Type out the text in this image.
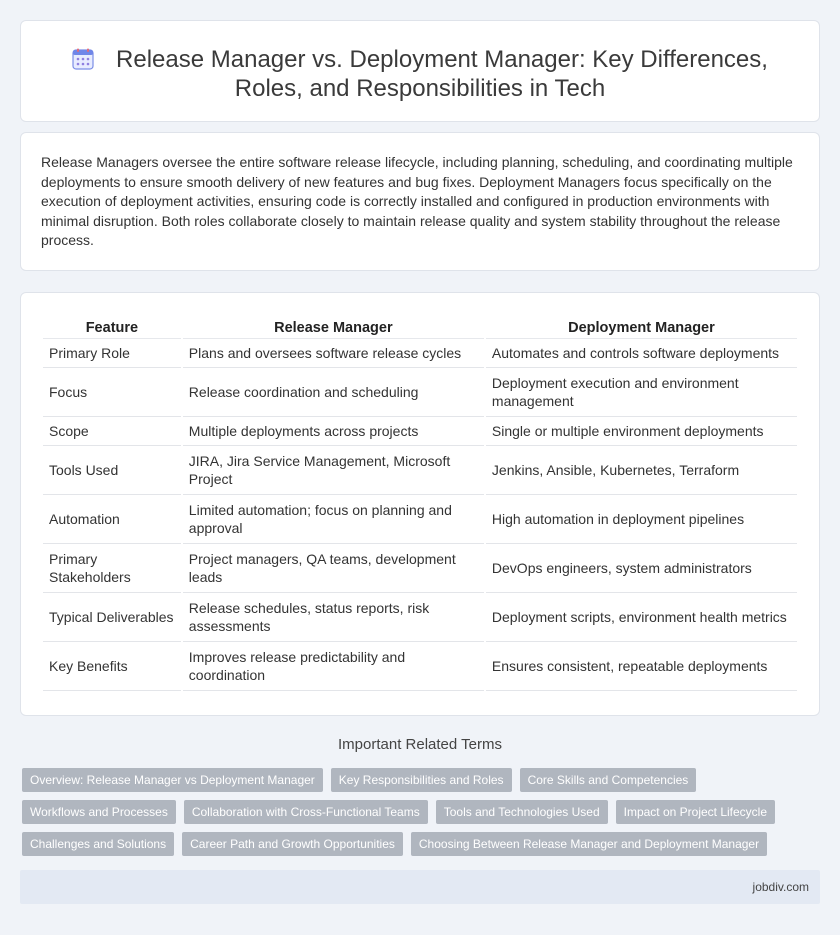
Release Manager vs. Deployment Manager: Key Differences,
Roles, and Responsibilities in Tech

Release Managers oversee the entire software release lifecycle, including planning, scheduling, and coordinating multiple deployments to ensure smooth delivery of new features and bug fixes. Deployment Managers focus specifically on the execution of deployment activities, ensuring code is correctly installed and configured in production environments with minimal disruption. Both roles collaborate closely to maintain release quality and system stability throughout the release process.

Feature	Release Manager	Deployment Manager
Primary Role	Plans and oversees software release cycles	Automates and controls software deployments
Focus	Release coordination and scheduling	Deployment execution and environment management
Scope	Multiple deployments across projects	Single or multiple environment deployments
Tools Used	JIRA, Jira Service Management, Microsoft Project	Jenkins, Ansible, Kubernetes, Terraform
Automation	Limited automation; focus on planning and approval	High automation in deployment pipelines
Primary Stakeholders	Project managers, QA teams, development leads	DevOps engineers, system administrators
Typical Deliverables	Release schedules, status reports, risk assessments	Deployment scripts, environment health metrics
Key Benefits	Improves release predictability and coordination	Ensures consistent, repeatable deployments
Important Related Terms
Overview: Release Manager vs Deployment Manager	Key Responsibilities and Roles	Core Skills and Competencies
Workflows and Processes	Collaboration with Cross-Functional Teams	Tools and Technologies Used	Impact on Project Lifecycle
Challenges and Solutions	Career Path and Growth Opportunities	Choosing Between Release Manager and Deployment Manager
jobdiv.com
